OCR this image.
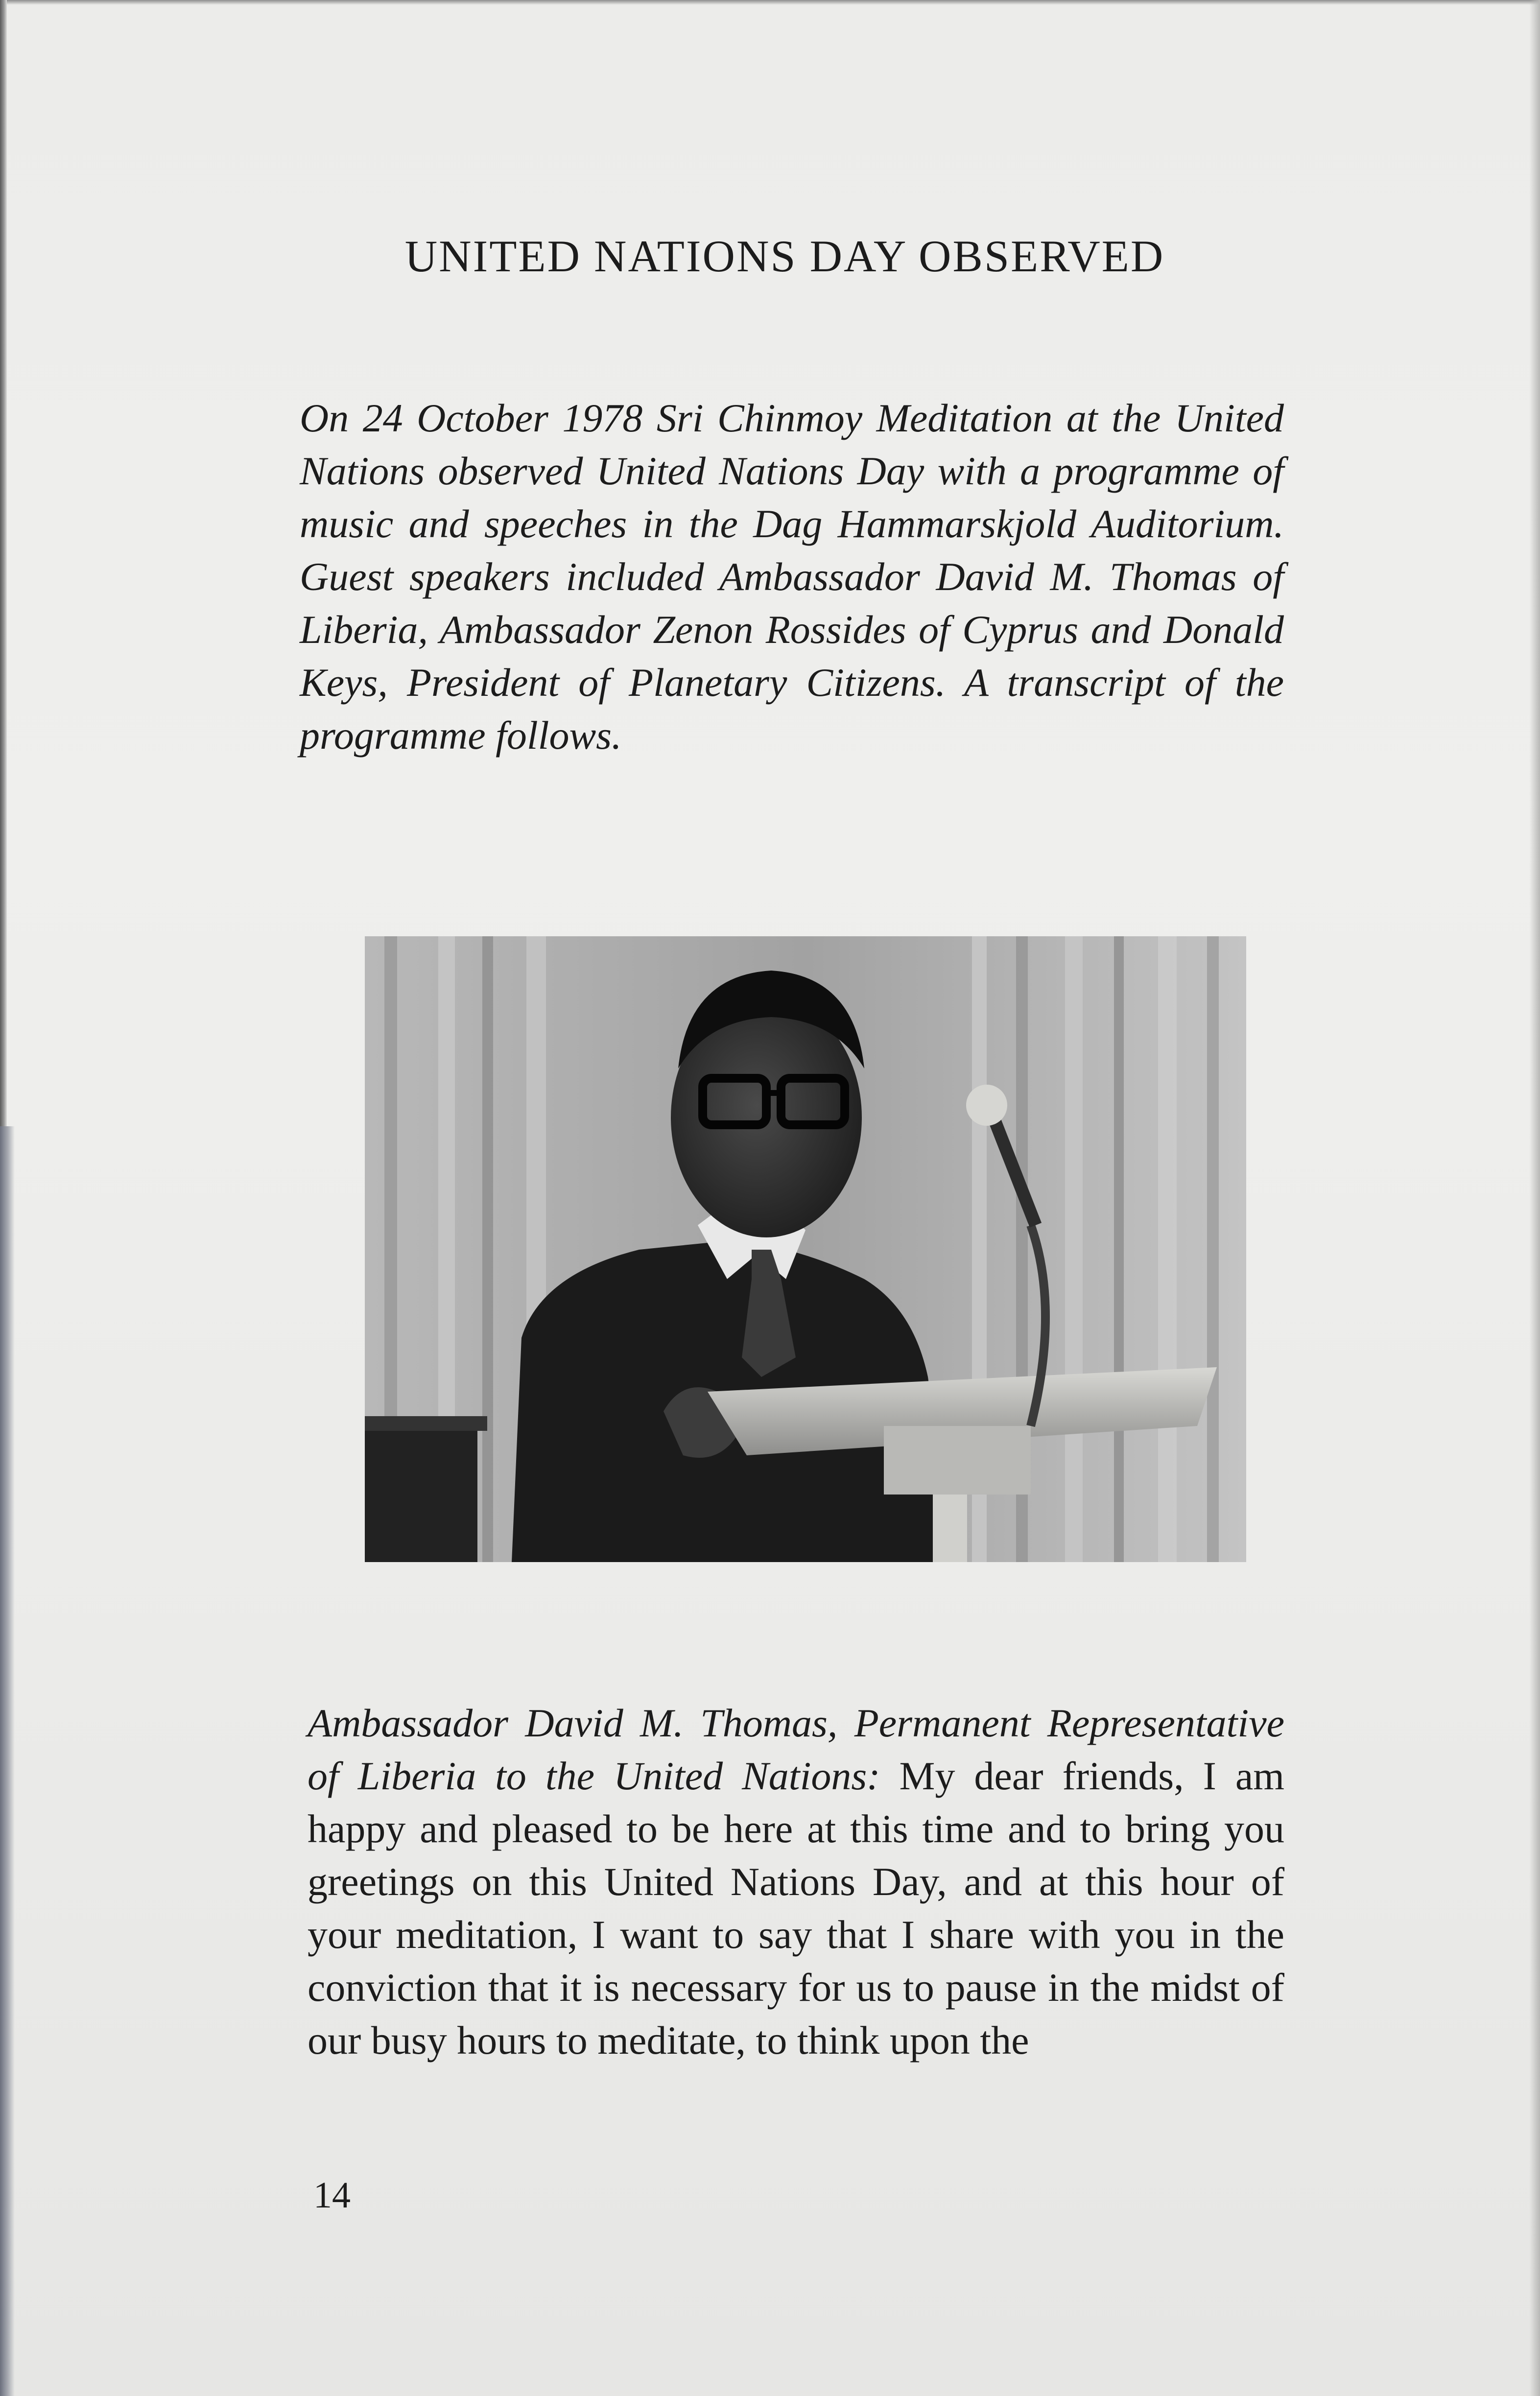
UNITED NATIONS DAY OBSERVED

On 24 October 1978 Sri Chinmoy Meditation at the United Nations observed United Nations Day with a programme of music and speeches in the Dag Hammarskjold Auditorium. Guest speakers included Ambassador David M. Thomas of Liberia, Ambassador Zenon Rossides of Cyprus and Donald Keys, President of Planetary Citizens. A transcript of the programme follows.

Ambassador David M. Thomas, Permanent Representative of Liberia to the United Nations: My dear friends, I am happy and pleased to be here at this time and to bring you greetings on this United Nations Day, and at this hour of your meditation, I want to say that I share with you in the conviction that it is necessary for us to pause in the midst of our busy hours to meditate, to think upon the

14
